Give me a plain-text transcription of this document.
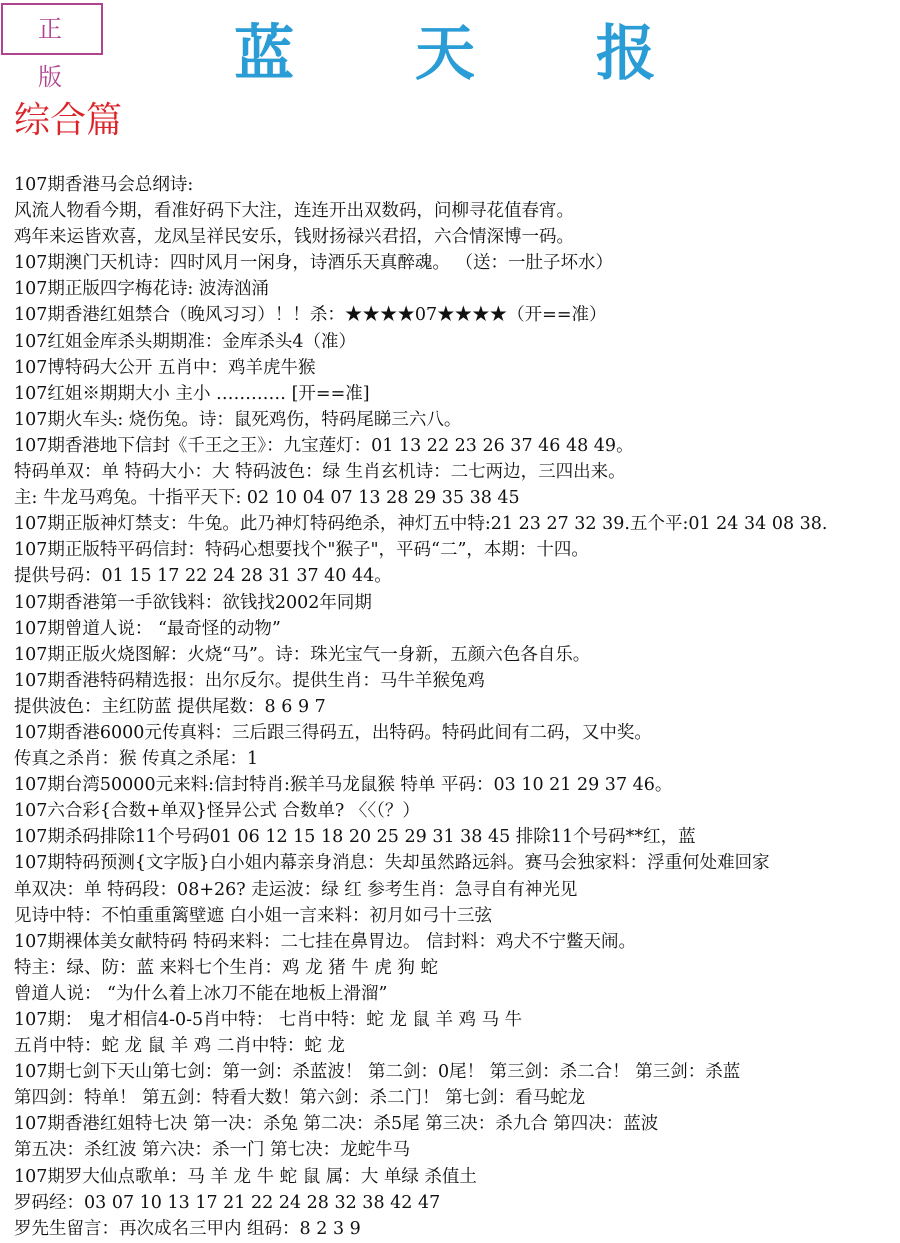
正 版	蓝 天 报
综合篇
107期香港马会总纲诗:
风流人物看今期，看准好码下大注，连连开出双数码，问柳寻花值春宵。
鸡年来运皆欢喜，龙凤呈祥民安乐，钱财扬禄兴君招，六合情深博一码。
107期澳门天机诗：四时风月一闲身，诗酒乐天真醉魂。 （送：一肚子坏水）
107期正版四字梅花诗: 波涛汹涌
107期香港红姐禁合（晚风习习）！！杀：★★★★07★★★★（开==准）
107红姐金库杀头期期准：金库杀头4（准）
107博特码大公开 五肖中：鸡羊虎牛猴
107红姐※期期大小 主小 ………… [开==准]
107期火车头: 烧伤兔。诗：鼠死鸡伤，特码尾睇三六八。
107期香港地下信封《千王之王》：九宝莲灯：01 13 22 23 26 37 46 48 49。
特码单双：单 特码大小：大 特码波色：绿 生肖玄机诗：二七两边，三四出来。
主: 牛龙马鸡兔。十指平天下: 02 10 04 07 13 28 29 35 38 45
107期正版神灯禁支：牛兔。此乃神灯特码绝杀，神灯五中特:21 23 27 32 39.五个平:01 24 34 08 38.
107期正版特平码信封：特码心想要找个"猴子"，平码“二”，本期：十四。
提供号码：01 15 17 22 24 28 31 37 40 44。
107期香港第一手欲钱料：欲钱找2002年同期
107期曾道人说： “最奇怪的动物”
107期正版火烧图解：火烧“马”。诗：珠光宝气一身新，五颜六色各自乐。
107期香港特码精选报：出尔反尔。提供生肖：马牛羊猴兔鸡
提供波色：主红防蓝 提供尾数：8 6 9 7
107期香港6000元传真料：三后跟三得码五，出特码。特码此间有二码，又中奖。
传真之杀肖：猴 传真之杀尾：1
107期台湾50000元来料:信封特肖:猴羊马龙鼠猴 特单 平码：03 10 21 29 37 46。
107六合彩{合数+单双}怪异公式 合数单? 〈〈（？）
107期杀码排除11个号码01 06 12 15 18 20 25 29 31 38 45 排除11个号码**红，蓝
107期特码预测{文字版}白小姐内幕亲身消息：失却虽然路远斜。赛马会独家料：浮重何处难回家
单双决：单 特码段：08+26? 走运波：绿 红 参考生肖：急寻自有神光见
见诗中特：不怕重重篱壁遮 白小姐一言来料：初月如弓十三弦
107期裸体美女献特码 特码来料：二七挂在鼻胃边。 信封料：鸡犬不宁鳖天闹。
特主：绿、防：蓝 来料七个生肖：鸡 龙 猪 牛 虎 狗 蛇
曾道人说： “为什么着上冰刀不能在地板上滑溜”
107期： 鬼才相信4-0-5肖中特： 七肖中特：蛇 龙 鼠 羊 鸡 马 牛
五肖中特：蛇 龙 鼠 羊 鸡 二肖中特：蛇 龙
107期七剑下天山第七剑：第一剑：杀蓝波！ 第二剑：0尾！ 第三剑：杀二合！ 第三剑：杀蓝
第四剑：特单！ 第五剑：特看大数！第六剑：杀二门！ 第七剑：看马蛇龙
107期香港红姐特七决 第一决：杀兔 第二决：杀5尾 第三决：杀九合 第四决：蓝波
第五决：杀红波 第六决：杀一门 第七决：龙蛇牛马
107期罗大仙点歌单：马 羊 龙 牛 蛇 鼠 属：大 单绿 杀值土
罗码经：03 07 10 13 17 21 22 24 28 32 38 42 47
罗先生留言：再次成名三甲内 组码：8 2 3 9
